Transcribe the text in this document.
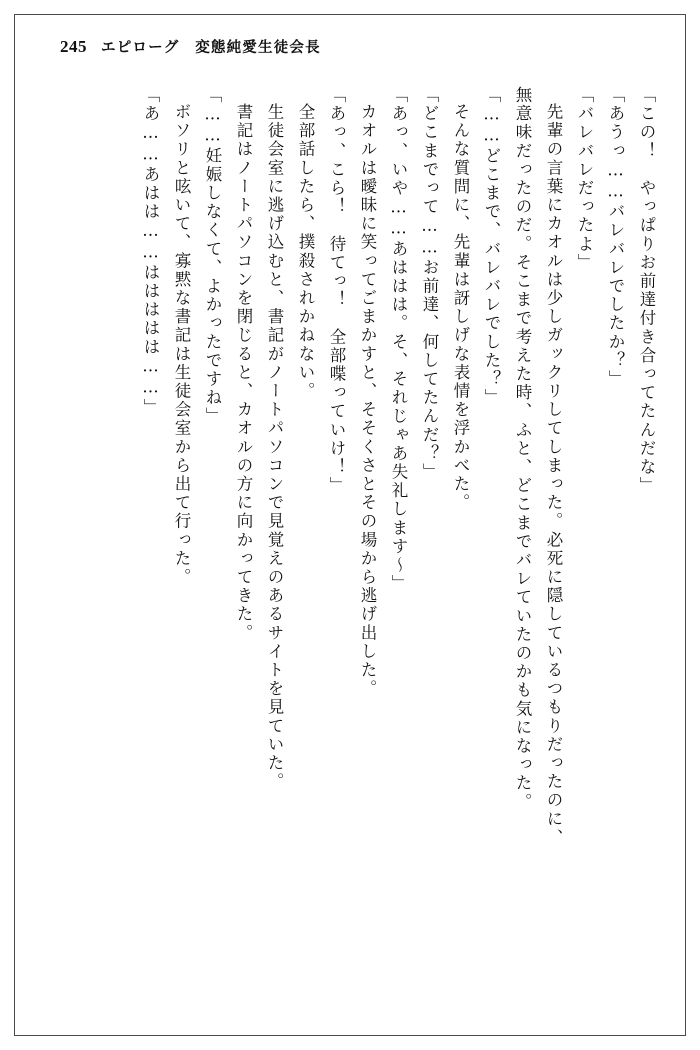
245 エピローグ　変態純愛生徒会長
「この！　やっぱりお前達付き合ってたんだな」
「あうっ……バレバレでしたか？」
「バレバレだったよ」
先輩の言葉にカオルは少しガックリしてしまった。必死に隠しているつもりだったのに、
無意味だったのだ。そこまで考えた時、ふと、どこまでバレていたのかも気になった。
「……どこまで、バレバレでした？」
そんな質問に、先輩は訝しげな表情を浮かべた。
「どこまでって……お前達、何してたんだ？」
「あっ、いや……あははは。そ、それじゃあ失礼します〜」
カオルは曖昧に笑ってごまかすと、そそくさとその場から逃げ出した。
「あっ、こら！　待てっ！　全部喋っていけ！」
全部話したら、撲殺されかねない。
生徒会室に逃げ込むと、書記がノートパソコンで見覚えのあるサイトを見ていた。
書記はノートパソコンを閉じると、カオルの方に向かってきた。
「……妊娠しなくて、よかったですね」
ボソリと呟いて、寡黙な書記は生徒会室から出て行った。
「あ……あはは……ははははは……」
